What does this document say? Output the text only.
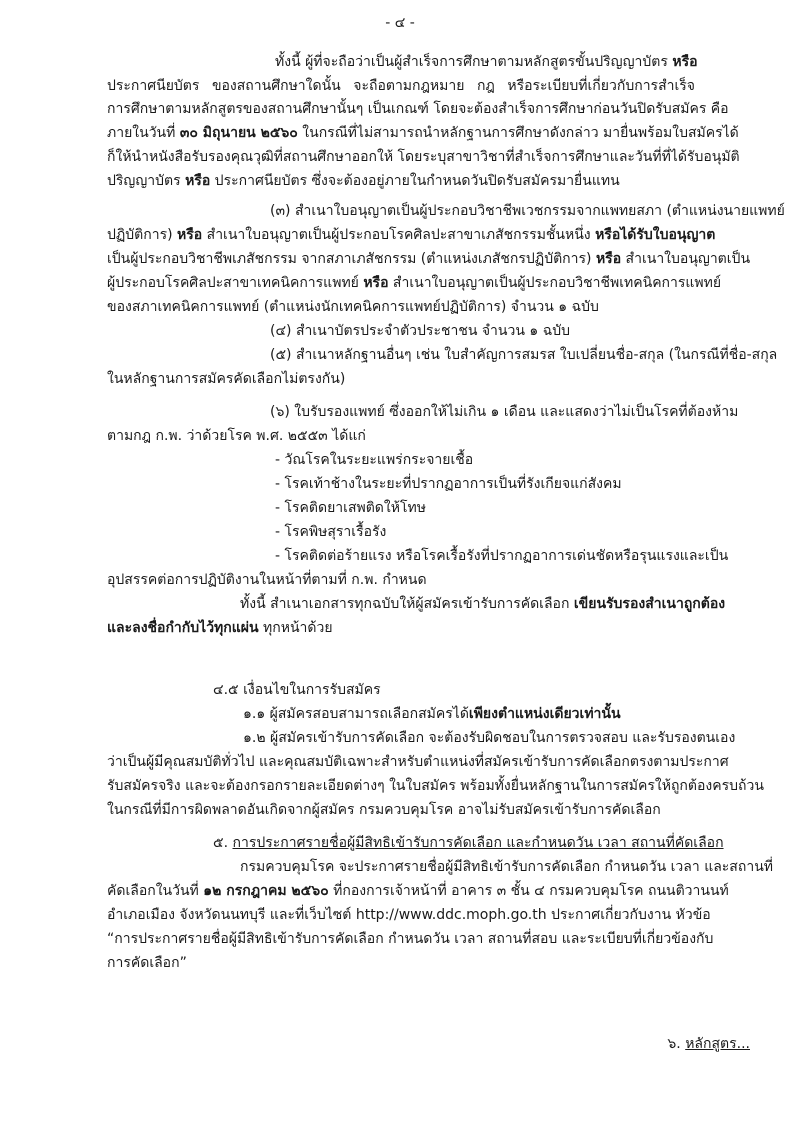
- ๔ -
ทั้งนี้ ผู้ที่จะถือว่าเป็นผู้สำเร็จการศึกษาตามหลักสูตรขั้นปริญญาบัตร หรือ
ประกาศนียบัตร ของสถานศึกษาใดนั้น จะถือตามกฎหมาย กฎ หรือระเบียบที่เกี่ยวกับการสำเร็จ
การศึกษาตามหลักสูตรของสถานศึกษานั้นๆ เป็นเกณฑ์ โดยจะต้องสำเร็จการศึกษาก่อนวันปิดรับสมัคร คือ
ภายในวันที่ ๓๐ มิถุนายน ๒๕๖๐ ในกรณีที่ไม่สามารถนำหลักฐานการศึกษาดังกล่าว มายื่นพร้อมใบสมัครได้
ก็ให้นำหนังสือรับรองคุณวุฒิที่สถานศึกษาออกให้ โดยระบุสาขาวิชาที่สำเร็จการศึกษาและวันที่ที่ได้รับอนุมัติ
ปริญญาบัตร หรือ ประกาศนียบัตร ซึ่งจะต้องอยู่ภายในกำหนดวันปิดรับสมัครมายื่นแทน
(๓) สำเนาใบอนุญาตเป็นผู้ประกอบวิชาชีพเวชกรรมจากแพทยสภา (ตำแหน่งนายแพทย์
ปฏิบัติการ) หรือ สำเนาใบอนุญาตเป็นผู้ประกอบโรคศิลปะสาขาเภสัชกรรมชั้นหนึ่ง หรือได้รับใบอนุญาต
เป็นผู้ประกอบวิชาชีพเภสัชกรรม จากสภาเภสัชกรรม (ตำแหน่งเภสัชกรปฏิบัติการ) หรือ สำเนาใบอนุญาตเป็น
ผู้ประกอบโรคศิลปะสาขาเทคนิคการแพทย์ หรือ สำเนาใบอนุญาตเป็นผู้ประกอบวิชาชีพเทคนิคการแพทย์
ของสภาเทคนิคการแพทย์ (ตำแหน่งนักเทคนิคการแพทย์ปฏิบัติการ) จำนวน ๑ ฉบับ
(๔) สำเนาบัตรประจำตัวประชาชน จำนวน ๑ ฉบับ
(๕) สำเนาหลักฐานอื่นๆ เช่น ใบสำคัญการสมรส ใบเปลี่ยนชื่อ-สกุล (ในกรณีที่ชื่อ-สกุล
ในหลักฐานการสมัครคัดเลือกไม่ตรงกัน)
(๖) ใบรับรองแพทย์ ซึ่งออกให้ไม่เกิน ๑ เดือน และแสดงว่าไม่เป็นโรคที่ต้องห้าม
ตามกฎ ก.พ. ว่าด้วยโรค พ.ศ. ๒๕๕๓ ได้แก่
- วัณโรคในระยะแพร่กระจายเชื้อ
- โรคเท้าช้างในระยะที่ปรากฏอาการเป็นที่รังเกียจแก่สังคม
- โรคติดยาเสพติดให้โทษ
- โรคพิษสุราเรื้อรัง
- โรคติดต่อร้ายแรง หรือโรคเรื้อรังที่ปรากฏอาการเด่นชัดหรือรุนแรงและเป็น
อุปสรรคต่อการปฏิบัติงานในหน้าที่ตามที่ ก.พ. กำหนด
ทั้งนี้ สำเนาเอกสารทุกฉบับให้ผู้สมัครเข้ารับการคัดเลือก เขียนรับรองสำเนาถูกต้อง
และลงชื่อกำกับไว้ทุกแผ่น ทุกหน้าด้วย
๔.๕ เงื่อนไขในการรับสมัคร
๑.๑ ผู้สมัครสอบสามารถเลือกสมัครได้เพียงตำแหน่งเดียวเท่านั้น
๑.๒ ผู้สมัครเข้ารับการคัดเลือก จะต้องรับผิดชอบในการตรวจสอบ และรับรองตนเอง
ว่าเป็นผู้มีคุณสมบัติทั่วไป และคุณสมบัติเฉพาะสำหรับตำแหน่งที่สมัครเข้ารับการคัดเลือกตรงตามประกาศ
รับสมัครจริง และจะต้องกรอกรายละเอียดต่างๆ ในใบสมัคร พร้อมทั้งยื่นหลักฐานในการสมัครให้ถูกต้องครบถ้วน
ในกรณีที่มีการผิดพลาดอันเกิดจากผู้สมัคร กรมควบคุมโรค อาจไม่รับสมัครเข้ารับการคัดเลือก
๕. การประกาศรายชื่อผู้มีสิทธิเข้ารับการคัดเลือก และกำหนดวัน เวลา สถานที่คัดเลือก
กรมควบคุมโรค จะประกาศรายชื่อผู้มีสิทธิเข้ารับการคัดเลือก กำหนดวัน เวลา และสถานที่
คัดเลือกในวันที่ ๑๒ กรกฎาคม ๒๕๖๐ ที่กองการเจ้าหน้าที่ อาคาร ๓ ชั้น ๔ กรมควบคุมโรค ถนนติวานนท์
อำเภอเมือง จังหวัดนนทบุรี และที่เว็บไซต์ http://www.ddc.moph.go.th ประกาศเกี่ยวกับงาน หัวข้อ
“การประกาศรายชื่อผู้มีสิทธิเข้ารับการคัดเลือก กำหนดวัน เวลา สถานที่สอบ และระเบียบที่เกี่ยวข้องกับ
การคัดเลือก”
๖. หลักสูตร...
